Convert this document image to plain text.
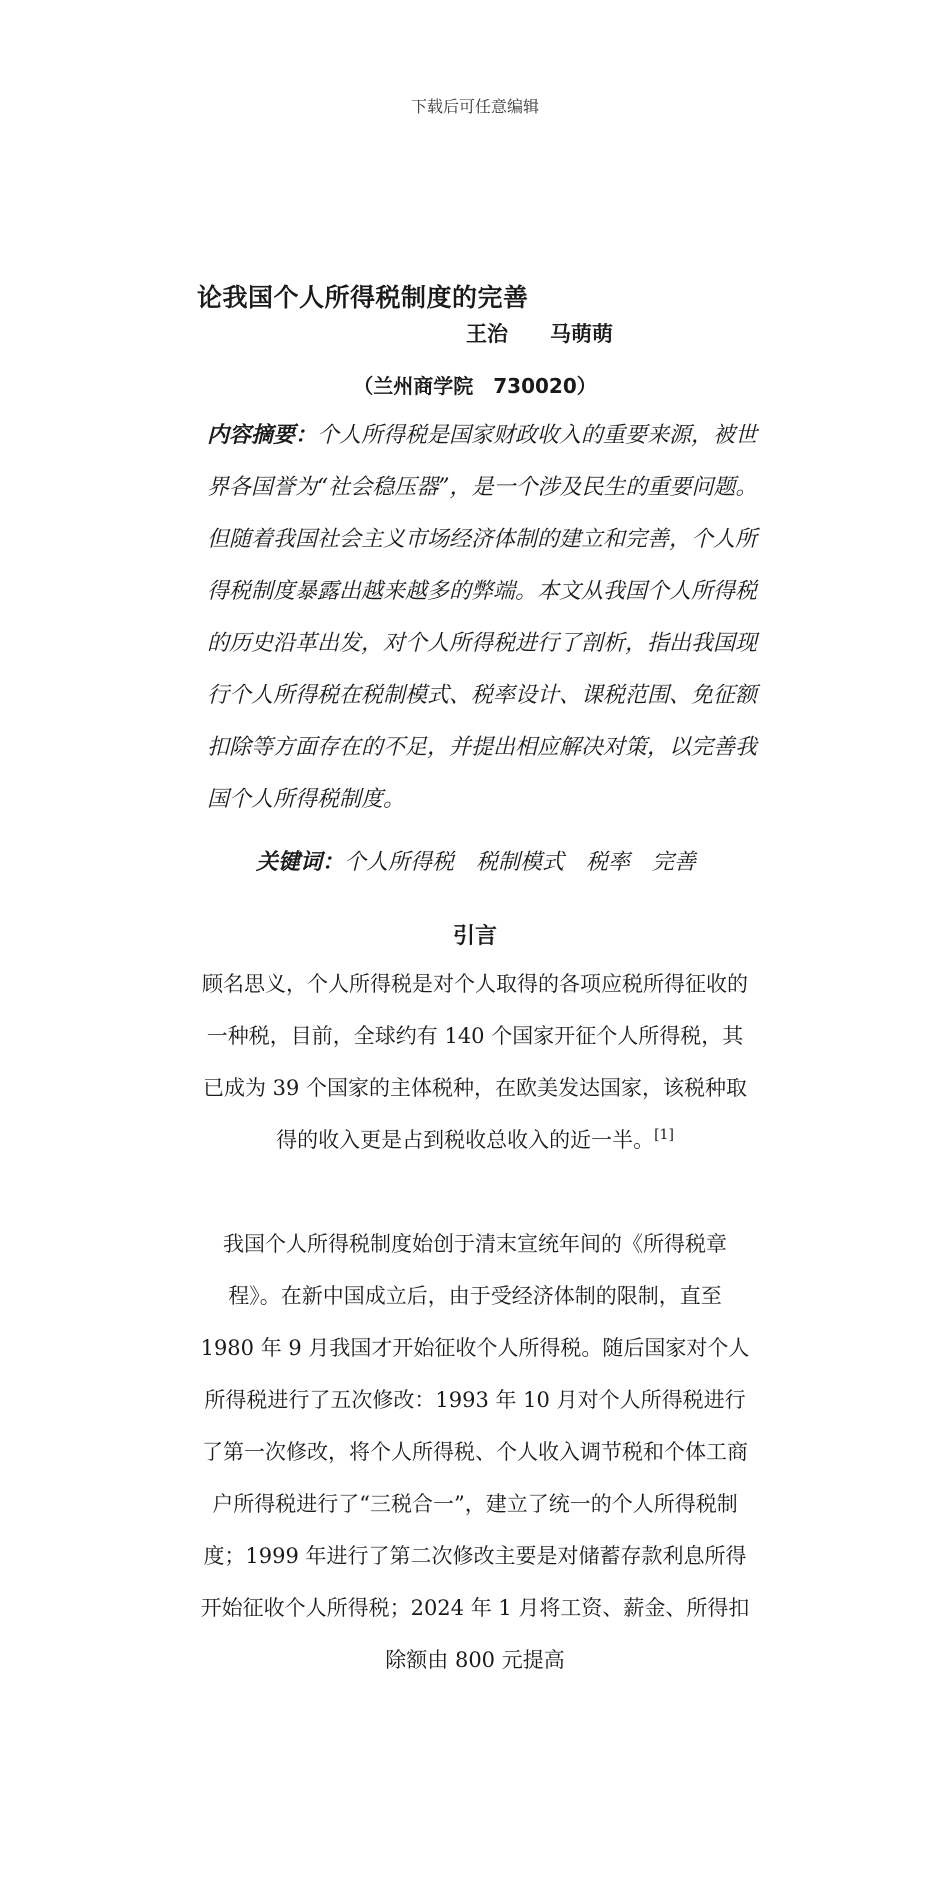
下载后可任意编辑
论我国个人所得税制度的完善
王治　　马萌萌
（兰州商学院　730020）
内容摘要：个人所得税是国家财政收入的重要来源，被世界各国誉为“社会稳压器”，是一个涉及民生的重要问题。但随着我国社会主义市场经济体制的建立和完善，个人所得税制度暴露出越来越多的弊端。本文从我国个人所得税的历史沿革出发，对个人所得税进行了剖析，指出我国现行个人所得税在税制模式、税率设计、课税范围、免征额扣除等方面存在的不足，并提出相应解决对策，以完善我国个人所得税制度。

关键词：个人所得税　税制模式　税率　完善

引言
顾名思义，个人所得税是对个人取得的各项应税所得征收的一种税，目前，全球约有 140 个国家开征个人所得税，其已成为 39 个国家的主体税种，在欧美发达国家，该税种取得的收入更是占到税收总收入的近一半。[1]
我国个人所得税制度始创于清末宣统年间的《所得税章程》。在新中国成立后，由于受经济体制的限制，直至 1980 年 9 月我国才开始征收个人所得税。随后国家对个人所得税进行了五次修改：1993 年 10 月对个人所得税进行了第一次修改，将个人所得税、个人收入调节税和个体工商户所得税进行了“三税合一”，建立了统一的个人所得税制度；1999 年进行了第二次修改主要是对储蓄存款利息所得开始征收个人所得税；2024 年 1 月将工资、薪金、所得扣除额由 800 元提高
